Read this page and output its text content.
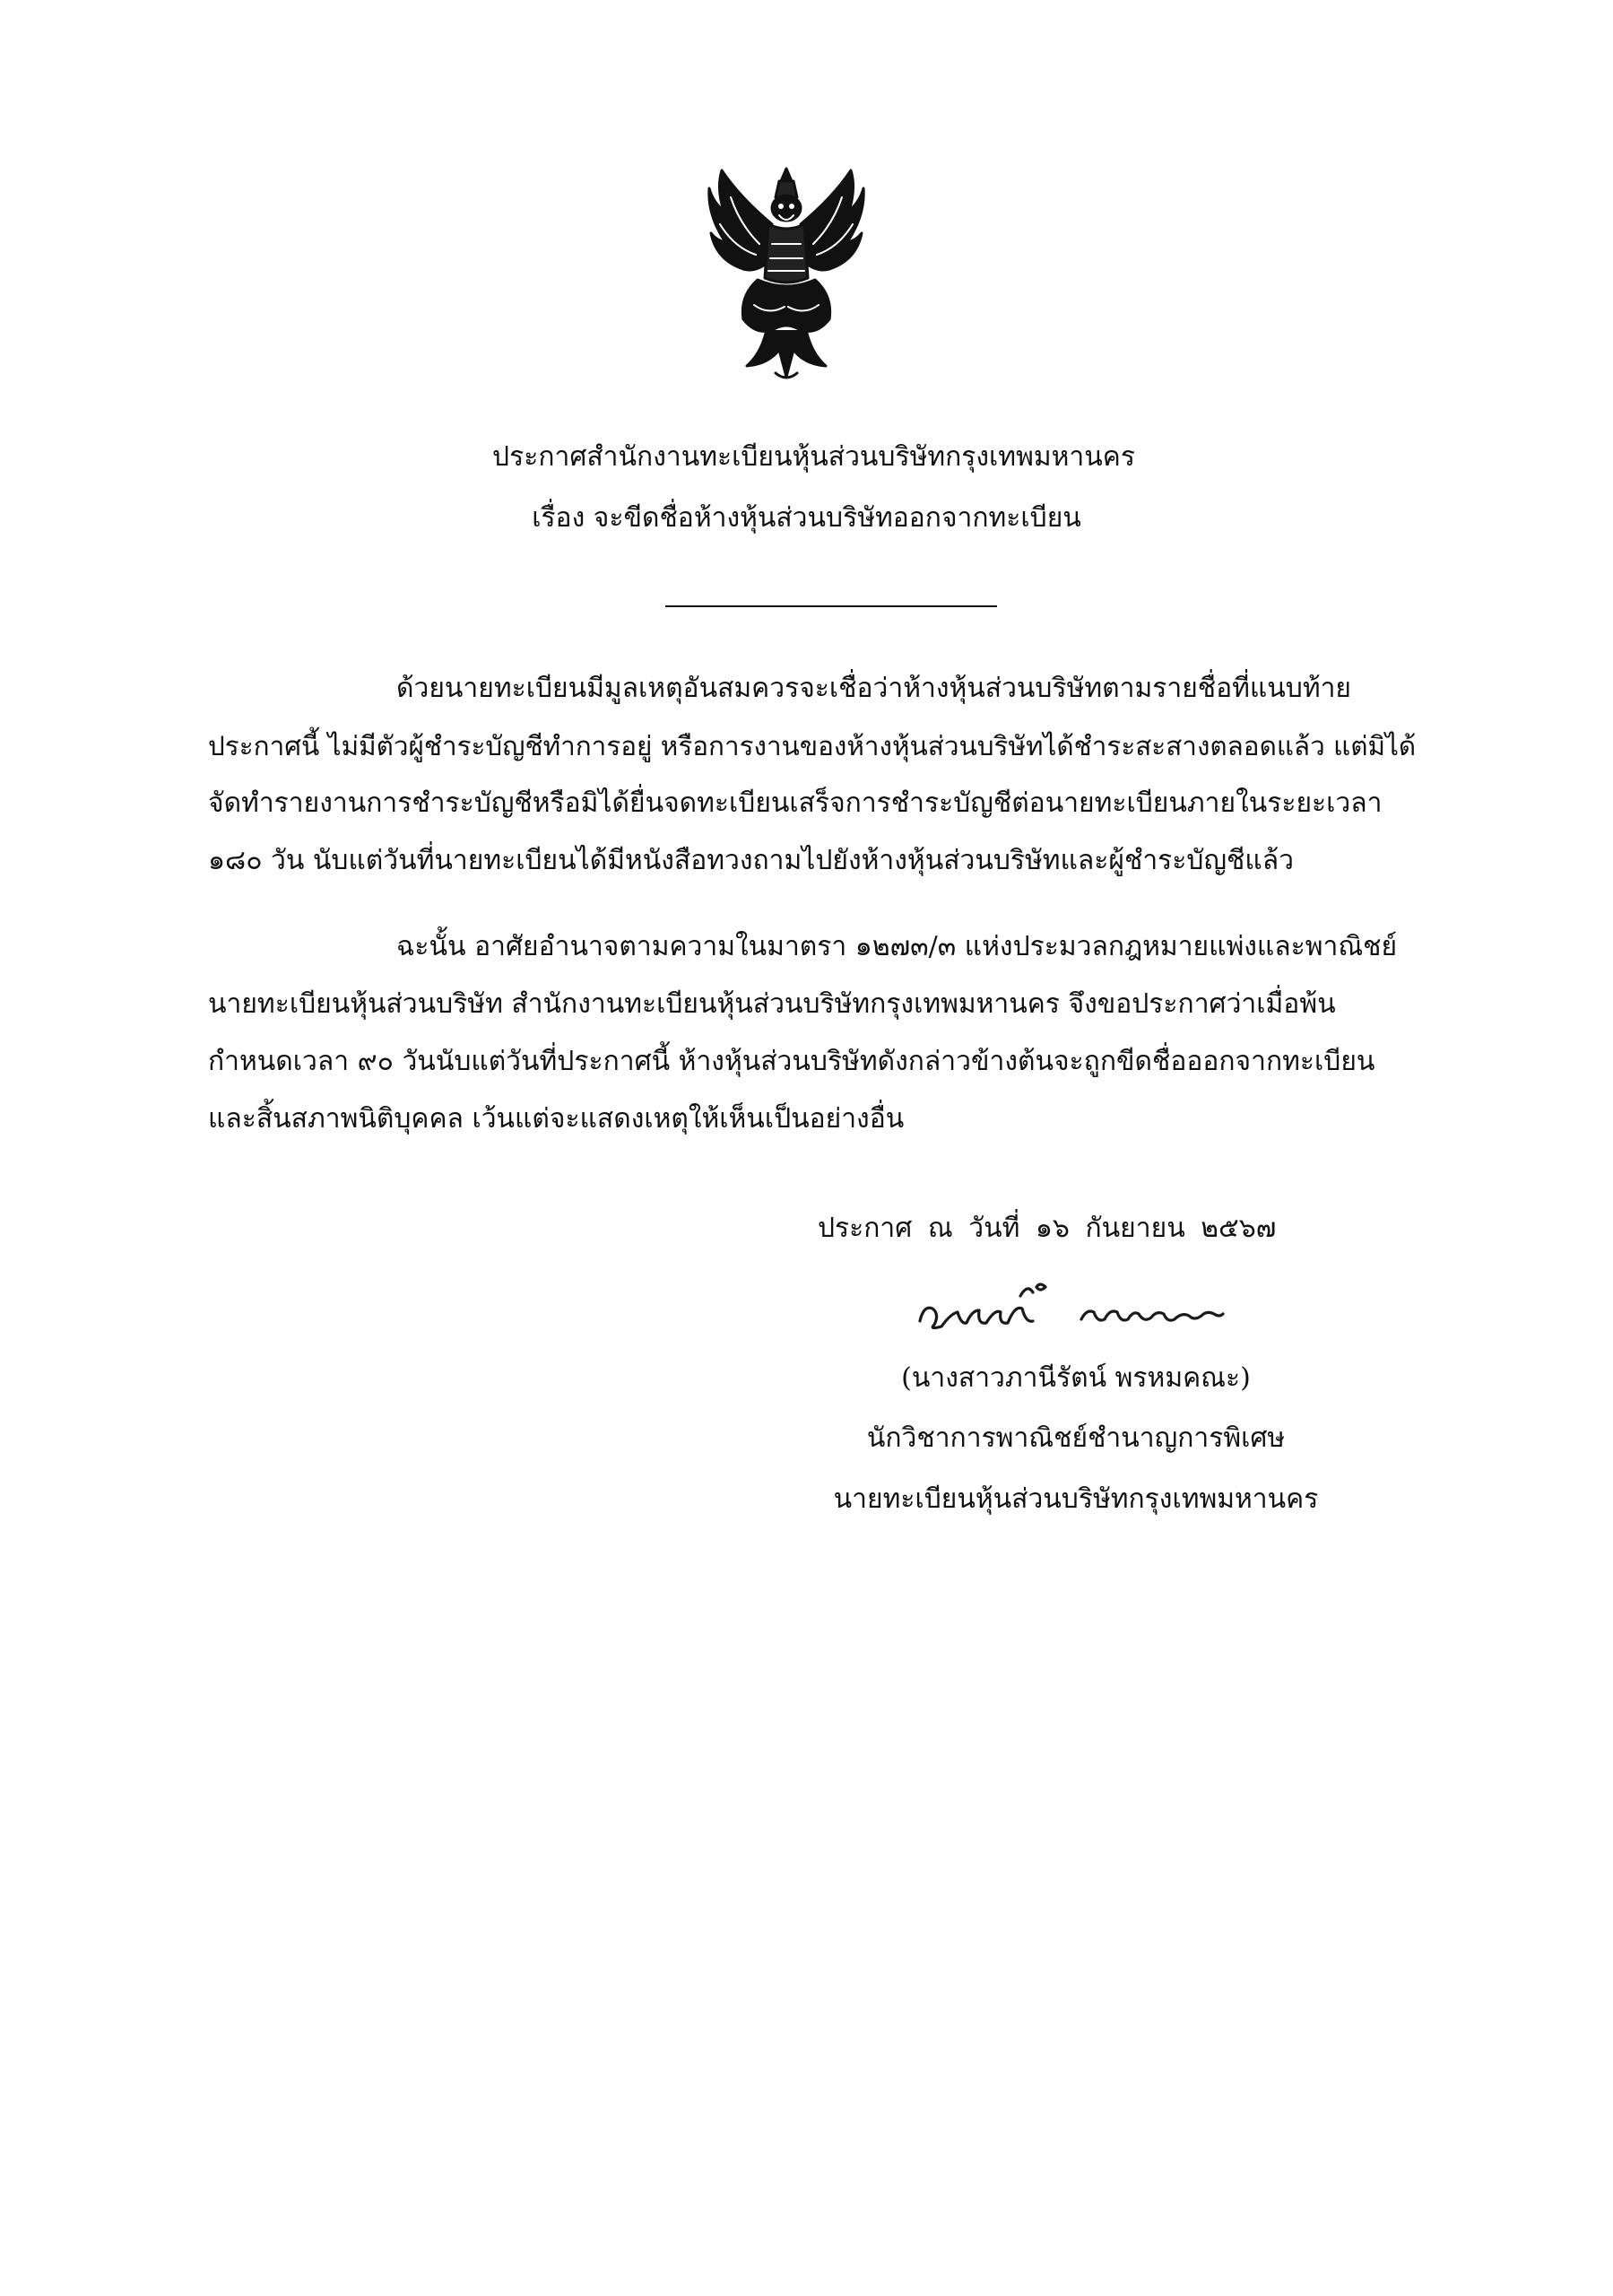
ประกาศสำนักงานทะเบียนหุ้นส่วนบริษัทกรุงเทพมหานคร
เรื่อง จะขีดชื่อห้างหุ้นส่วนบริษัทออกจากทะเบียน
ด้วยนายทะเบียนมีมูลเหตุอันสมควรจะเชื่อว่าห้างหุ้นส่วนบริษัทตามรายชื่อที่แนบท้าย
ประกาศนี้ ไม่มีตัวผู้ชำระบัญชีทำการอยู่ หรือการงานของห้างหุ้นส่วนบริษัทได้ชำระสะสางตลอดแล้ว แต่มิได้
จัดทำรายงานการชำระบัญชีหรือมิได้ยื่นจดทะเบียนเสร็จการชำระบัญชีต่อนายทะเบียนภายในระยะเวลา
๑๘๐ วัน นับแต่วันที่นายทะเบียนได้มีหนังสือทวงถามไปยังห้างหุ้นส่วนบริษัทและผู้ชำระบัญชีแล้ว
ฉะนั้น อาศัยอำนาจตามความในมาตรา ๑๒๗๓/๓ แห่งประมวลกฎหมายแพ่งและพาณิชย์
นายทะเบียนหุ้นส่วนบริษัท สำนักงานทะเบียนหุ้นส่วนบริษัทกรุงเทพมหานคร จึงขอประกาศว่าเมื่อพ้น
กำหนดเวลา ๙๐ วันนับแต่วันที่ประกาศนี้ ห้างหุ้นส่วนบริษัทดังกล่าวข้างต้นจะถูกขีดชื่อออกจากทะเบียน
และสิ้นสภาพนิติบุคคล เว้นแต่จะแสดงเหตุให้เห็นเป็นอย่างอื่น
ประกาศ ณ วันที่ ๑๖ กันยายน ๒๕๖๗
(นางสาวภานีรัตน์ พรหมคณะ)
นักวิชาการพาณิชย์ชำนาญการพิเศษ
นายทะเบียนหุ้นส่วนบริษัทกรุงเทพมหานคร
